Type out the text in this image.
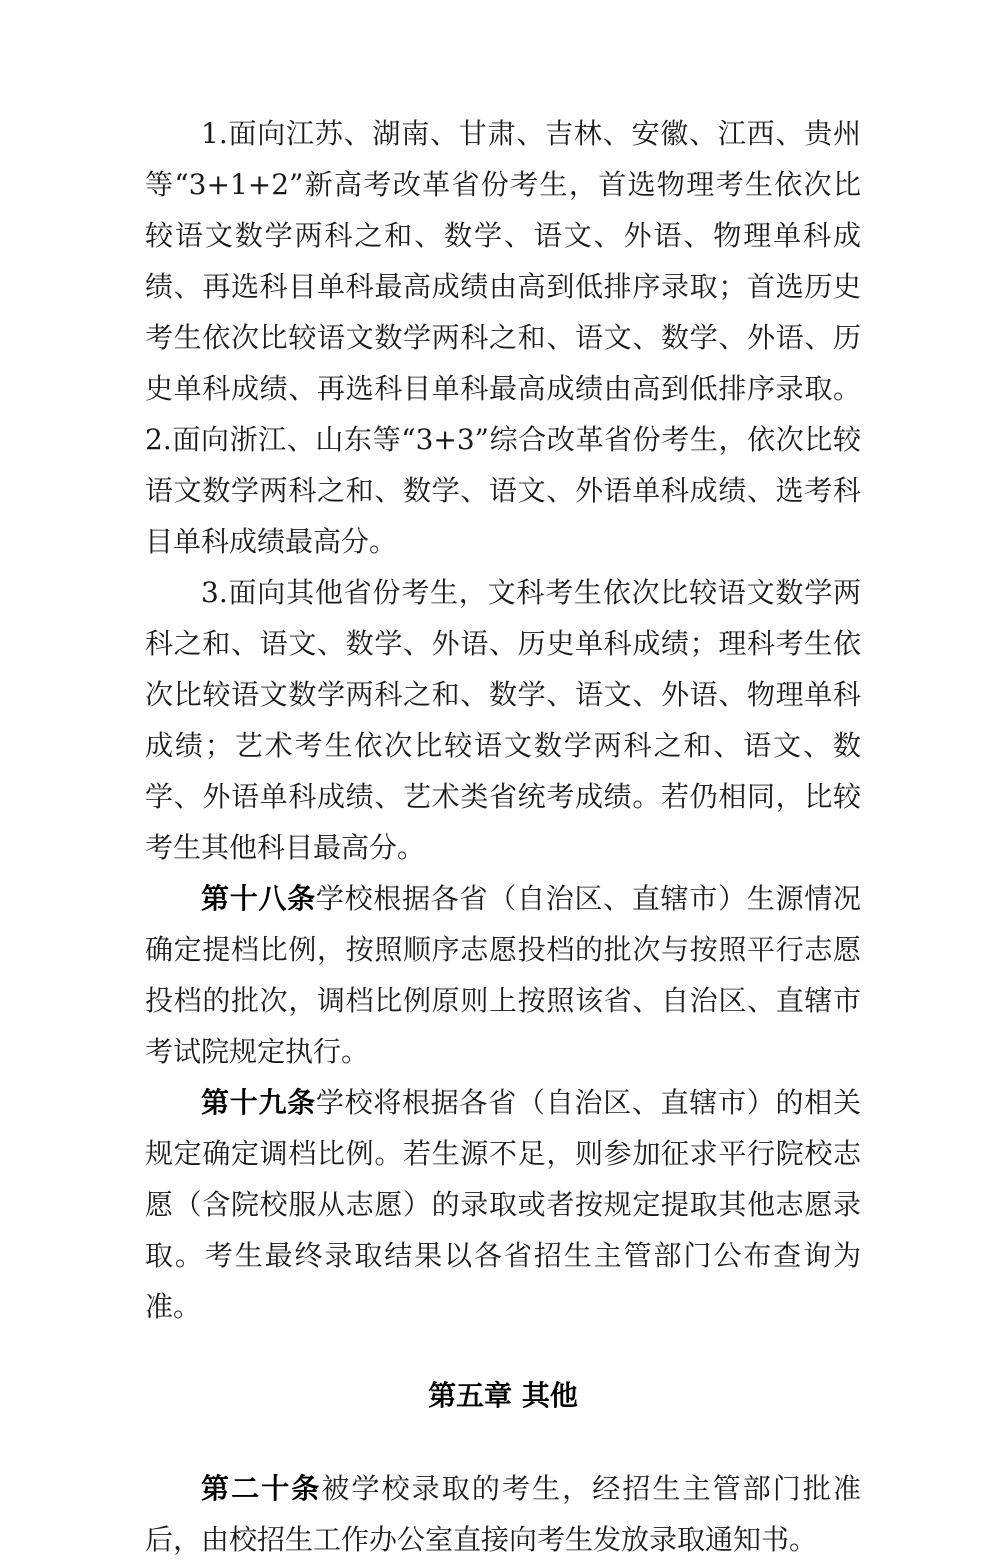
1.面向江苏、湖南、甘肃、吉林、安徽、江西、贵州等“3+1+2”新高考改革省份考生，首选物理考生依次比较语文数学两科之和、数学、语文、外语、物理单科成绩、再选科目单科最高成绩由高到低排序录取；首选历史考生依次比较语文数学两科之和、语文、数学、外语、历史单科成绩、再选科目单科最高成绩由高到低排序录取。2.面向浙江、山东等“3+3”综合改革省份考生，依次比较语文数学两科之和、数学、语文、外语单科成绩、选考科目单科成绩最高分。

3.面向其他省份考生，文科考生依次比较语文数学两科之和、语文、数学、外语、历史单科成绩；理科考生依次比较语文数学两科之和、数学、语文、外语、物理单科成绩；艺术考生依次比较语文数学两科之和、语文、数学、外语单科成绩、艺术类省统考成绩。若仍相同，比较考生其他科目最高分。

第十八条学校根据各省（自治区、直辖市）生源情况确定提档比例，按照顺序志愿投档的批次与按照平行志愿投档的批次，调档比例原则上按照该省、自治区、直辖市考试院规定执行。

第十九条学校将根据各省（自治区、直辖市）的相关规定确定调档比例。若生源不足，则参加征求平行院校志愿（含院校服从志愿）的录取或者按规定提取其他志愿录取。考生最终录取结果以各省招生主管部门公布查询为准。

第五章 其他

第二十条被学校录取的考生，经招生主管部门批准后，由校招生工作办公室直接向考生发放录取通知书。
